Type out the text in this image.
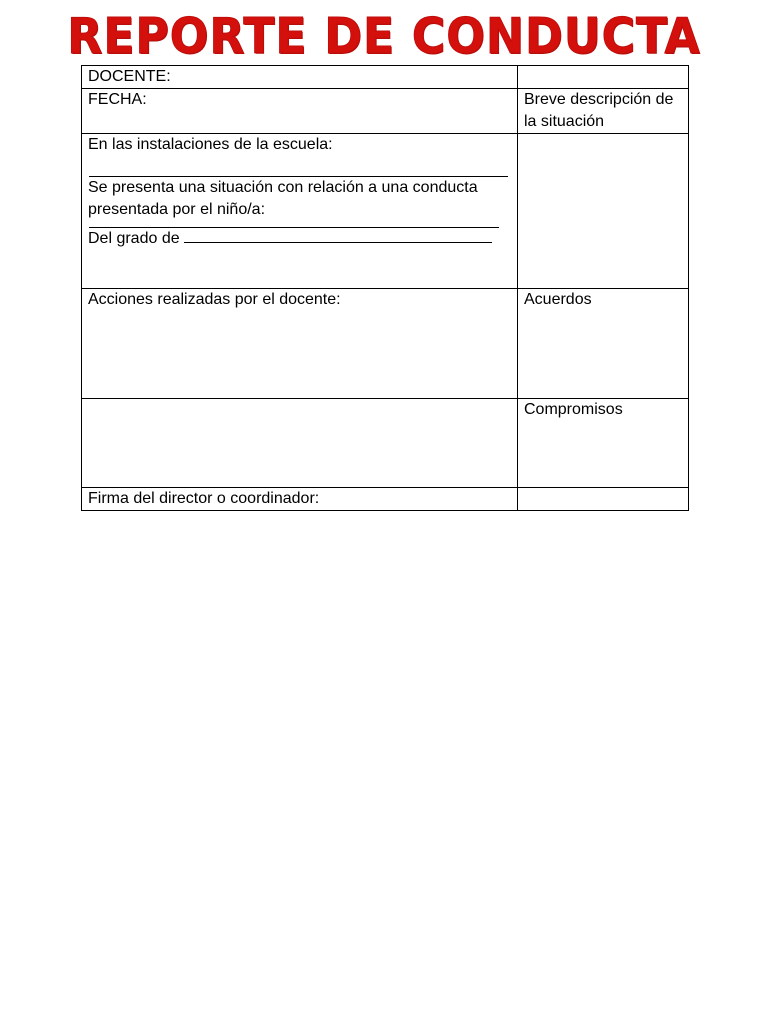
REPORTE DE CONDUCTA
DOCENTE:	
FECHA:	Breve descripción de la situación

En las instalaciones de la escuela:

Se presenta una situación con relación a una conducta presentada por el niño/a:

Del grado de	

Acciones realizadas por el docente:	Acuerdos
	Compromisos
Firma del director o coordinador:	
